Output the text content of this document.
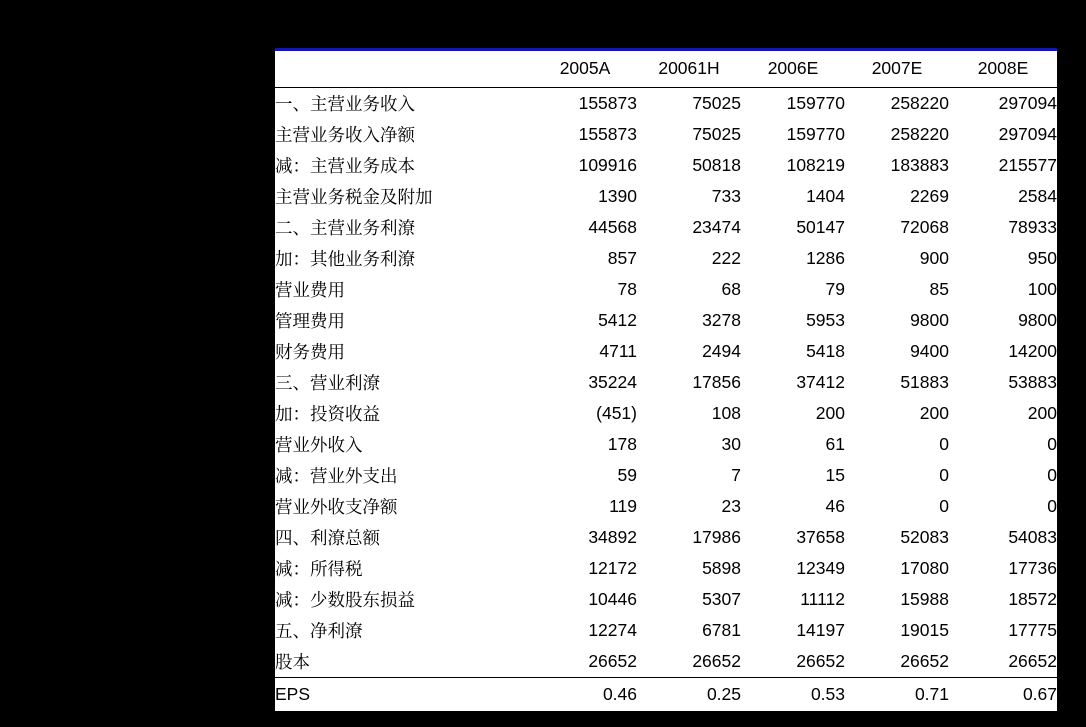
	2005A	20061H	2006E	2007E	2008E
一、主营业务收入	155873	75025	159770	258220	297094
主营业务收入净额	155873	75025	159770	258220	297094
减：主营业务成本	109916	50818	108219	183883	215577
主营业务税金及附加	1390	733	1404	2269	2584
二、主营业务利潦	44568	23474	50147	72068	78933
加：其他业务利潦	857	222	1286	900	950
营业费用	78	68	79	85	100
管理费用	5412	3278	5953	9800	9800
财务费用	4711	2494	5418	9400	14200
三、营业利潦	35224	17856	37412	51883	53883
加：投资收益	(451)	108	200	200	200
营业外收入	178	30	61	0	0
减：营业外支出	59	7	15	0	0
营业外收支净额	119	23	46	0	0
四、利潦总额	34892	17986	37658	52083	54083
减：所得税	12172	5898	12349	17080	17736
减：少数股东损益	10446	5307	11112	15988	18572
五、净利潦	12274	6781	14197	19015	17775
股本	26652	26652	26652	26652	26652
EPS	0.46	0.25	0.53	0.71	0.67
